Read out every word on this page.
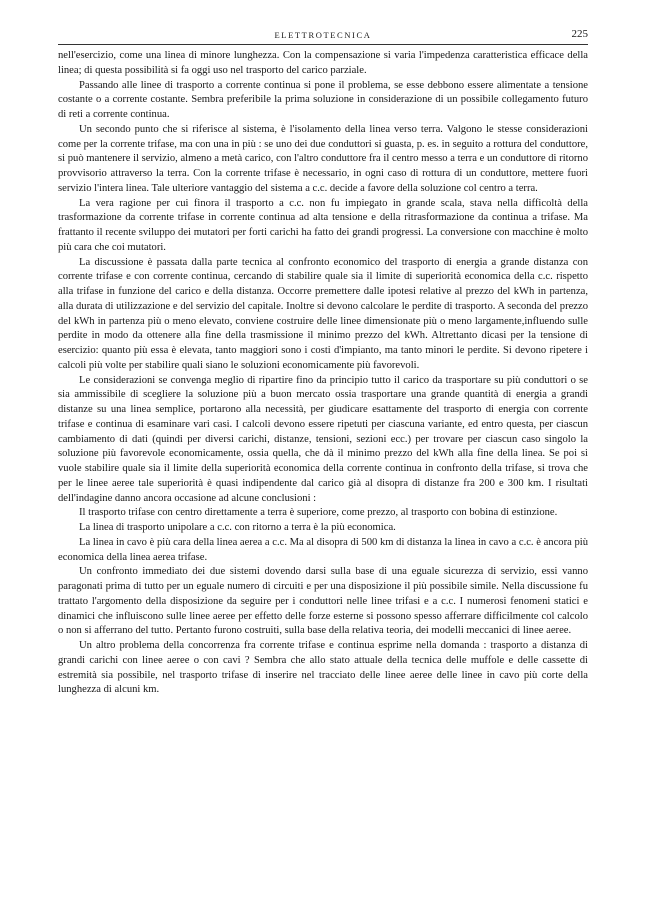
ELETTROTECNICA	225

nell'esercizio, come una linea di minore lunghezza. Con la compensazione si varia l'impedenza caratteristica efficace della linea; di questa possibilità si fa oggi uso nel trasporto del carico parziale.

Passando alle linee di trasporto a corrente continua si pone il problema, se esse debbono essere alimentate a tensione costante o a corrente costante. Sembra preferibile la prima soluzione in considerazione di un possibile collegamento futuro di reti a corrente continua.

Un secondo punto che si riferisce al sistema, è l'isolamento della linea verso terra. Valgono le stesse considerazioni come per la corrente trifase, ma con una in più : se uno dei due conduttori si guasta, p. es. in seguito a rottura del conduttore, si può mantenere il servizio, almeno a metà carico, con l'altro conduttore fra il centro messo a terra e un conduttore di ritorno provvisorio attraverso la terra. Con la corrente trifase è necessario, in ogni caso di rottura di un conduttore, mettere fuori servizio l'intera linea. Tale ulteriore vantaggio del sistema a c.c. decide a favore della soluzione col centro a terra.

La vera ragione per cui finora il trasporto a c.c. non fu impiegato in grande scala, stava nella difficoltà della trasformazione da corrente trifase in corrente continua ad alta tensione e della ritrasformazione da continua a trifase. Ma frattanto il recente sviluppo dei mutatori per forti carichi ha fatto dei grandi progressi. La conversione con macchine è molto più cara che coi mutatori.

La discussione è passata dalla parte tecnica al confronto economico del trasporto di energia a grande distanza con corrente trifase e con corrente continua, cercando di stabilire quale sia il limite di superiorità economica della c.c. rispetto alla trifase in funzione del carico e della distanza. Occorre premettere dalle ipotesi relative al prezzo del kWh in partenza, alla durata di utilizzazione e del servizio del capitale. Inoltre si devono calcolare le perdite di trasporto. A seconda del prezzo del kWh in partenza più o meno elevato, conviene costruire delle linee dimensionate più o meno largamente,influendo sulle perdite in modo da ottenere alla fine della trasmissione il minimo prezzo del kWh. Altrettanto dicasi per la tensione di esercizio: quanto più essa è elevata, tanto maggiori sono i costi d'impianto, ma tanto minori le perdite. Si devono ripetere i calcoli più volte per stabilire quali siano le soluzioni economicamente più favorevoli.

Le considerazioni se convenga meglio di ripartire fino da principio tutto il carico da trasportare su più conduttori o se sia ammissibile di scegliere la soluzione più a buon mercato ossia trasportare una grande quantità di energia a grandi distanze su una linea semplice, portarono alla necessità, per giudicare esattamente del trasporto di energia con corrente trifase e continua di esaminare vari casi. I calcoli devono essere ripetuti per ciascuna variante, ed entro questa, per ciascun cambiamento di dati (quindi per diversi carichi, distanze, tensioni, sezioni ecc.) per trovare per ciascun caso singolo la soluzione più favorevole economicamente, ossia quella, che dà il minimo prezzo del kWh alla fine della linea. Se poi si vuole stabilire quale sia il limite della superiorità economica della corrente continua in confronto della trifase, si trova che per le linee aeree tale superiorità è quasi indipendente dal carico già al disopra di distanze fra 200 e 300 km. I risultati dell'indagine danno ancora occasione ad alcune conclusioni :

Il trasporto trifase con centro direttamente a terra è superiore, come prezzo, al trasporto con bobina di estinzione.

La linea di trasporto unipolare a c.c. con ritorno a terra è la più economica.

La linea in cavo è più cara della linea aerea a c.c. Ma al disopra di 500 km di distanza la linea in cavo a c.c. è ancora più economica della linea aerea trifase.

Un confronto immediato dei due sistemi dovendo darsi sulla base di una eguale sicurezza di servizio, essi vanno paragonati prima di tutto per un eguale numero di circuiti e per una disposizione il più possibile simile. Nella discussione fu trattato l'argomento della disposizione da seguire per i conduttori nelle linee trifasi e a c.c. I numerosi fenomeni statici e dinamici che influiscono sulle linee aeree per effetto delle forze esterne si possono spesso afferrare difficilmente col calcolo o non si afferrano del tutto. Pertanto furono costruiti, sulla base della relativa teoria, dei modelli meccanici di linee aeree.

Un altro problema della concorrenza fra corrente trifase e continua esprime nella domanda : trasporto a distanza di grandi carichi con linee aeree o con cavi ? Sembra che allo stato attuale della tecnica delle muffole e delle cassette di estremità sia possibile, nel trasporto trifase di inserire nel tracciato delle linee aeree delle linee in cavo più corte della lunghezza di alcuni km.
